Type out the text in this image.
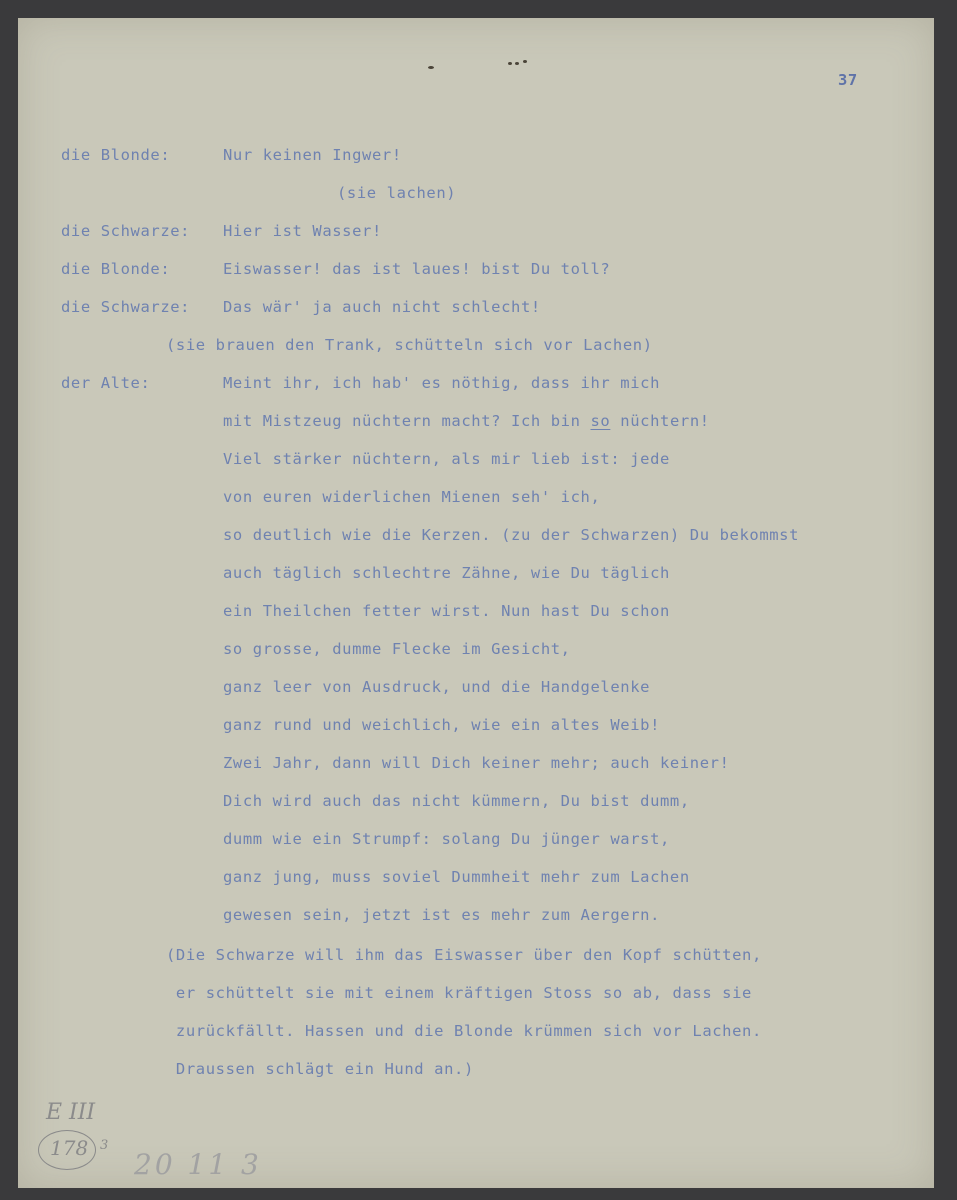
37
die Blonde:	Nur keinen Ingwer!
(sie lachen)
die Schwarze: Hier ist Wasser!
die Blonde:	Eiswasser! das ist laues! bist Du toll?
die Schwarze: Das wär' ja auch nicht schlecht!
(sie brauen den Trank, schütteln sich vor Lachen)
der Alte:	Meint ihr, ich hab' es nöthig, dass ihr mich
mit Mistzeug nüchtern macht? Ich bin so nüchtern!
Viel stärker nüchtern, als mir lieb ist: jede
von euren widerlichen Mienen seh' ich,
so deutlich wie die Kerzen. (zu der Schwarzen) Du bekommst
auch täglich schlechtre Zähne, wie Du täglich
ein Theilchen fetter wirst. Nun hast Du schon
so grosse, dumme Flecke im Gesicht,
ganz leer von Ausdruck, und die Handgelenke
ganz rund und weichlich, wie ein altes Weib!
Zwei Jahr, dann will Dich keiner mehr; auch keiner!
Dich wird auch das nicht kümmern, Du bist dumm,
dumm wie ein Strumpf: solang Du jünger warst,
ganz jung, muss soviel Dummheit mehr zum Lachen
gewesen sein, jetzt ist es mehr zum Aergern.
(Die Schwarze will ihm das Eiswasser über den Kopf schütten,
er schüttelt sie mit einem kräftigen Stoss so ab, dass sie
zurückfällt. Hassen und die Blonde krümmen sich vor Lachen.
Draussen schlägt ein Hund an.)
E III
178 3
20 11 3
